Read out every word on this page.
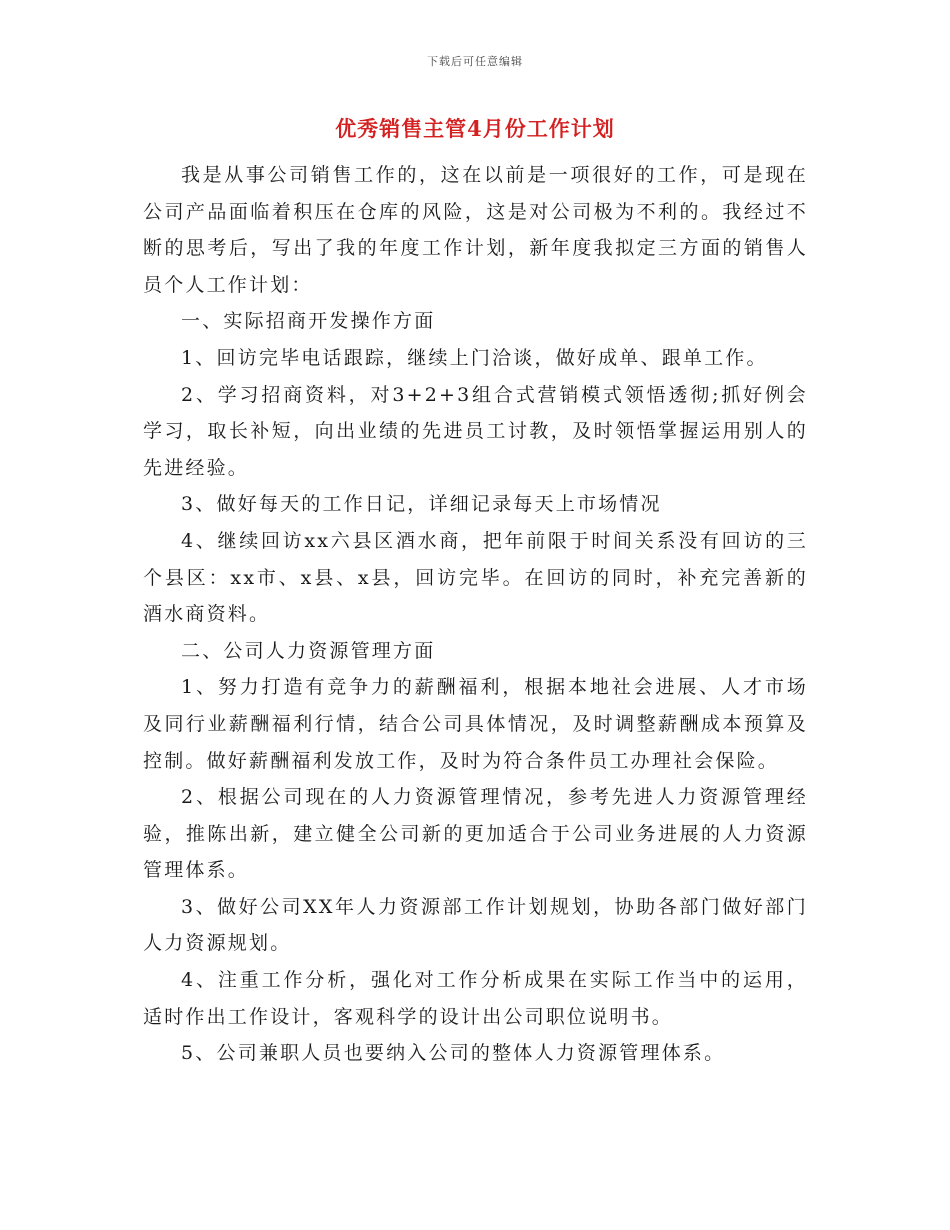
下载后可任意编辑
优秀销售主管4月份工作计划

我是从事公司销售工作的，这在以前是一项很好的工作，可是现在公司产品面临着积压在仓库的风险，这是对公司极为不利的。我经过不断的思考后，写出了我的年度工作计划，新年度我拟定三方面的销售人员个人工作计划：

一、实际招商开发操作方面

1、回访完毕电话跟踪，继续上门洽谈，做好成单、跟单工作。

2、学习招商资料，对3+2+3组合式营销模式领悟透彻;抓好例会学习，取长补短，向出业绩的先进员工讨教，及时领悟掌握运用别人的先进经验。

3、做好每天的工作日记，详细记录每天上市场情况

4、继续回访xx六县区酒水商，把年前限于时间关系没有回访的三个县区：xx市、x县、x县，回访完毕。在回访的同时，补充完善新的酒水商资料。

二、公司人力资源管理方面

1、努力打造有竞争力的薪酬福利，根据本地社会进展、人才市场及同行业薪酬福利行情，结合公司具体情况，及时调整薪酬成本预算及控制。做好薪酬福利发放工作，及时为符合条件员工办理社会保险。

2、根据公司现在的人力资源管理情况，参考先进人力资源管理经验，推陈出新，建立健全公司新的更加适合于公司业务进展的人力资源管理体系。

3、做好公司XX年人力资源部工作计划规划，协助各部门做好部门人力资源规划。

4、注重工作分析，强化对工作分析成果在实际工作当中的运用，适时作出工作设计，客观科学的设计出公司职位说明书。

5、公司兼职人员也要纳入公司的整体人力资源管理体系。
